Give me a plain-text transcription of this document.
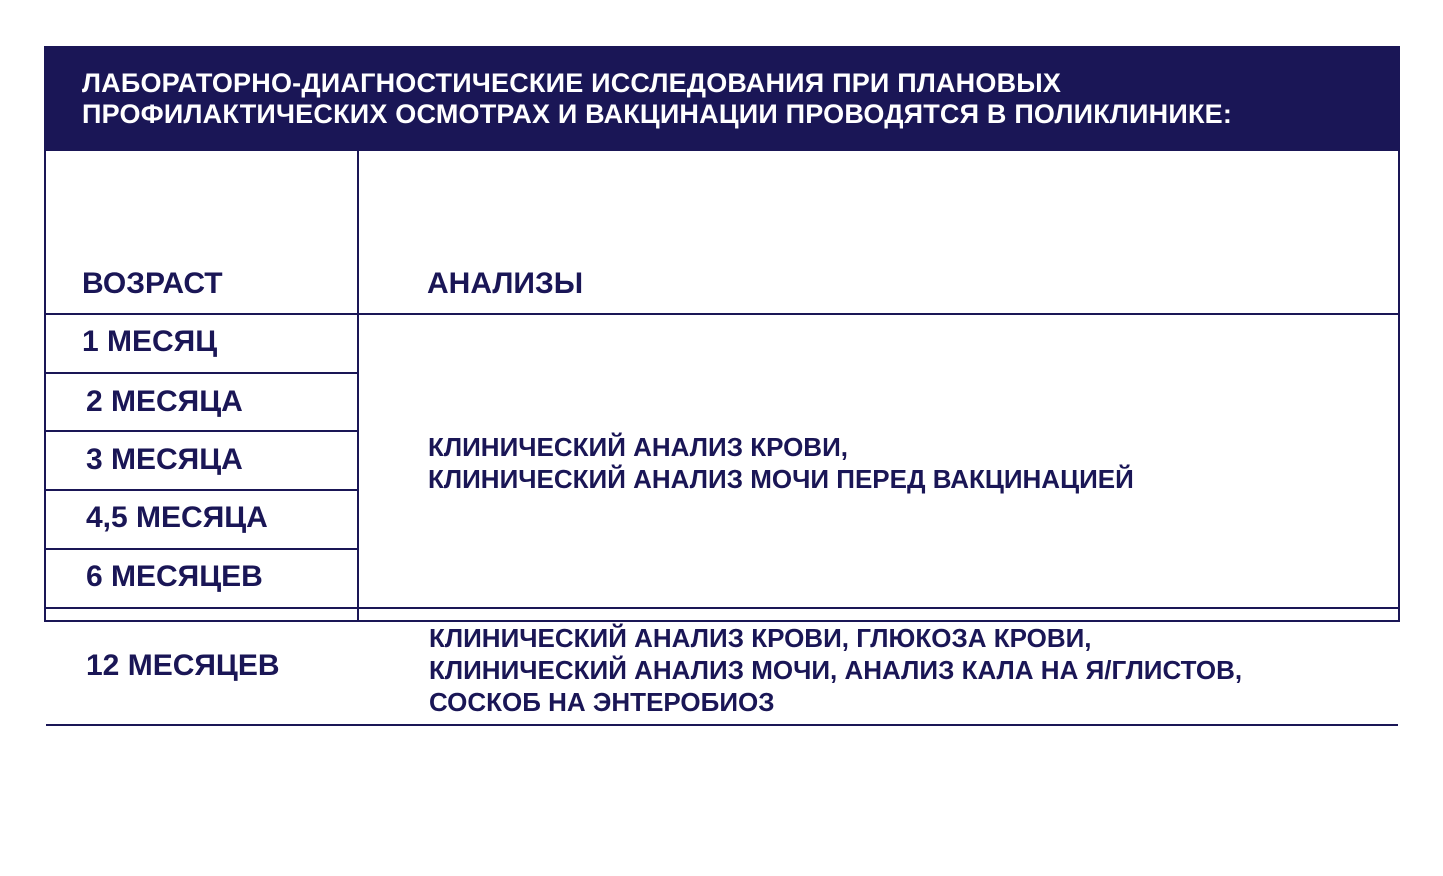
ЛАБОРАТОРНО-ДИАГНОСТИЧЕСКИЕ ИССЛЕДОВАНИЯ ПРИ ПЛАНОВЫХ
ПРОФИЛАКТИЧЕСКИХ ОСМОТРАХ И ВАКЦИНАЦИИ ПРОВОДЯТСЯ В ПОЛИКЛИНИКЕ:
ВОЗРАСТ	АНАЛИЗЫ
1 МЕСЯЦ
2 МЕСЯЦА
3 МЕСЯЦА
4,5 МЕСЯЦА
6 МЕСЯЦЕВ
12 МЕСЯЦЕВ
КЛИНИЧЕСКИЙ АНАЛИЗ КРОВИ,
КЛИНИЧЕСКИЙ АНАЛИЗ МОЧИ ПЕРЕД ВАКЦИНАЦИЕЙ
КЛИНИЧЕСКИЙ АНАЛИЗ КРОВИ, ГЛЮКОЗА КРОВИ,
КЛИНИЧЕСКИЙ АНАЛИЗ МОЧИ, АНАЛИЗ КАЛА НА Я/ГЛИСТОВ,
СОСКОБ НА ЭНТЕРОБИОЗ
